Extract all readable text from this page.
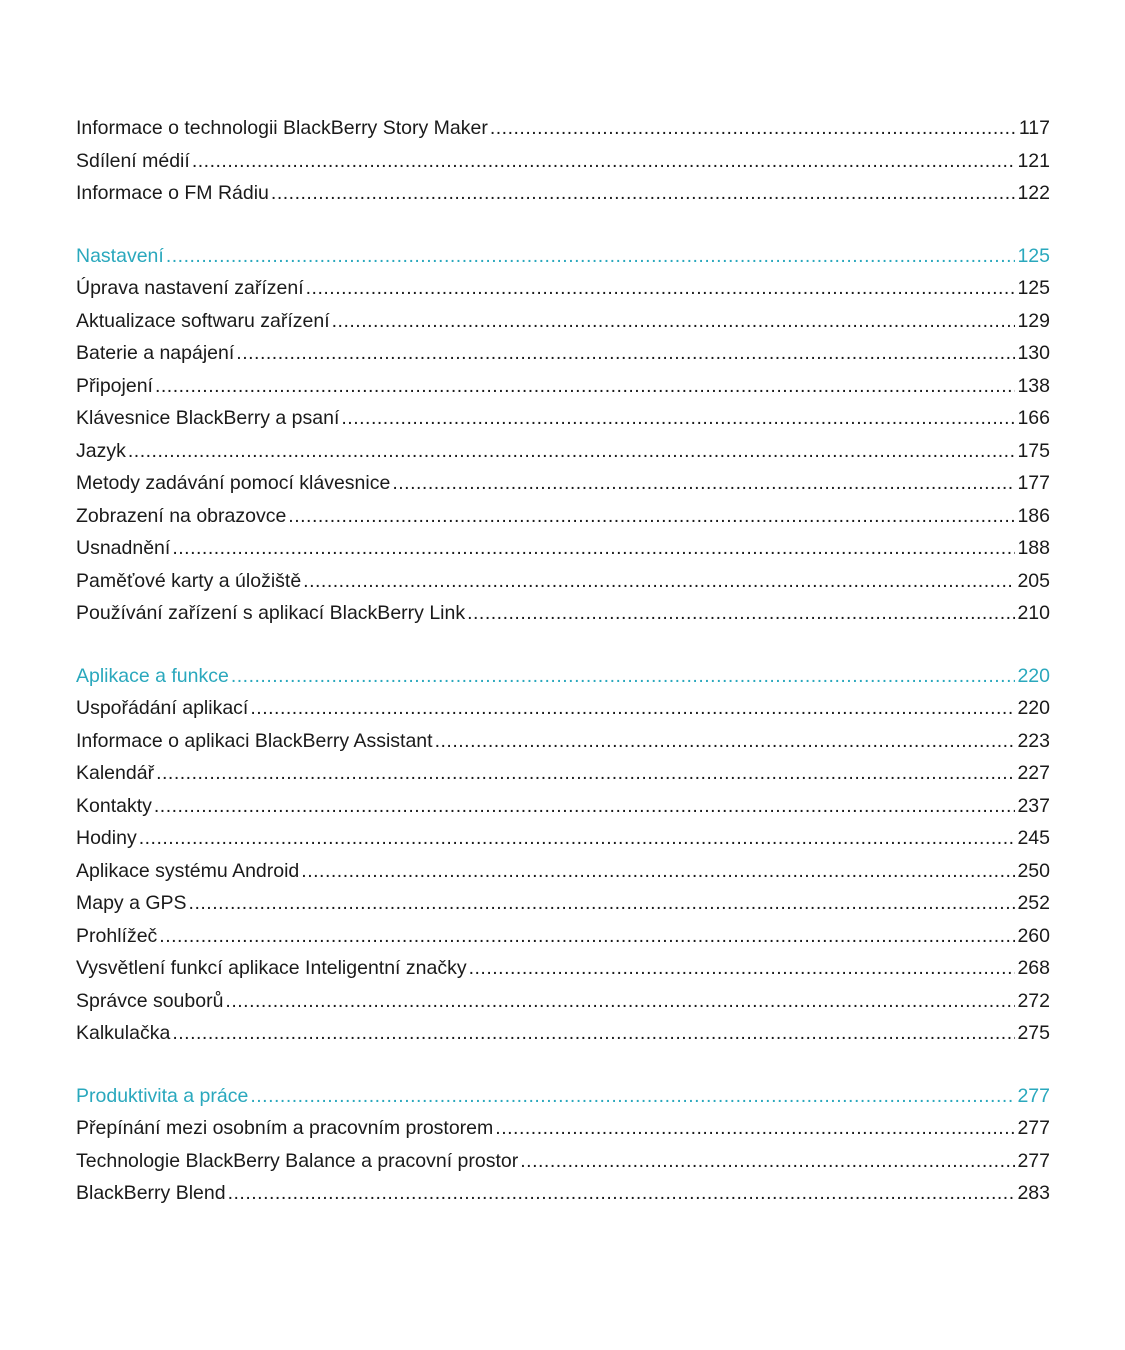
Informace o technologii BlackBerry Story Maker .....	117
Sdílení médií .....	121
Informace o FM Rádiu .....	122
Nastavení .....	125
Úprava nastavení zařízení .....	125
Aktualizace softwaru zařízení .....	129
Baterie a napájení .....	130
Připojení .....	138
Klávesnice BlackBerry a psaní .....	166
Jazyk .....	175
Metody zadávání pomocí klávesnice .....	177
Zobrazení na obrazovce .....	186
Usnadnění .....	188
Paměťové karty a úložiště .....	205
Používání zařízení s aplikací BlackBerry Link .....	210
Aplikace a funkce .....	220
Uspořádání aplikací .....	220
Informace o aplikaci BlackBerry Assistant .....	223
Kalendář .....	227
Kontakty .....	237
Hodiny .....	245
Aplikace systému Android .....	250
Mapy a GPS .....	252
Prohlížeč .....	260
Vysvětlení funkcí aplikace Inteligentní značky .....	268
Správce souborů .....	272
Kalkulačka .....	275
Produktivita a práce .....	277
Přepínání mezi osobním a pracovním prostorem .....	277
Technologie BlackBerry Balance a pracovní prostor .....	277
BlackBerry Blend .....	283
